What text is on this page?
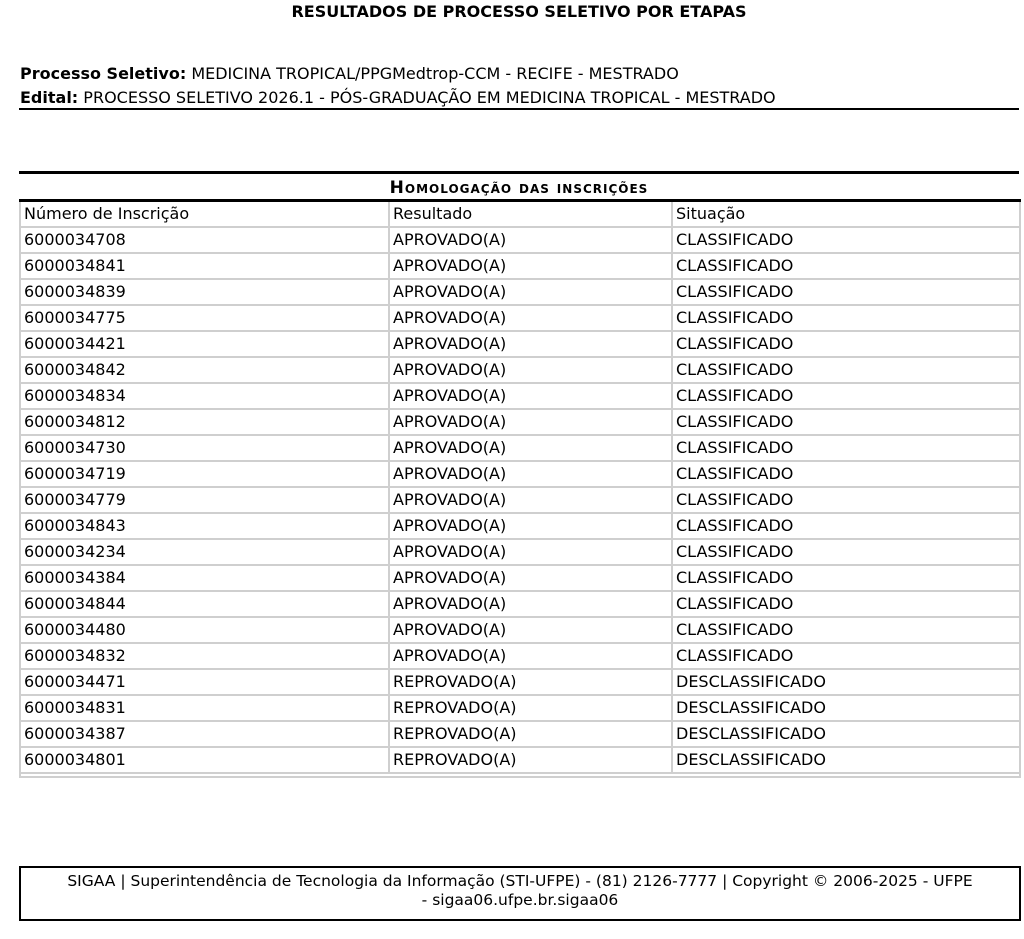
RESULTADOS DE PROCESSO SELETIVO POR ETAPAS
Processo Seletivo: MEDICINA TROPICAL/PPGMedtrop-CCM - RECIFE - MESTRADO
Edital: PROCESSO SELETIVO 2026.1 - PÓS-GRADUAÇÃO EM MEDICINA TROPICAL - MESTRADO
Homologação das inscrições
Número de Inscrição	Resultado	Situação
6000034708	APROVADO(A)	CLASSIFICADO
6000034841	APROVADO(A)	CLASSIFICADO
6000034839	APROVADO(A)	CLASSIFICADO
6000034775	APROVADO(A)	CLASSIFICADO
6000034421	APROVADO(A)	CLASSIFICADO
6000034842	APROVADO(A)	CLASSIFICADO
6000034834	APROVADO(A)	CLASSIFICADO
6000034812	APROVADO(A)	CLASSIFICADO
6000034730	APROVADO(A)	CLASSIFICADO
6000034719	APROVADO(A)	CLASSIFICADO
6000034779	APROVADO(A)	CLASSIFICADO
6000034843	APROVADO(A)	CLASSIFICADO
6000034234	APROVADO(A)	CLASSIFICADO
6000034384	APROVADO(A)	CLASSIFICADO
6000034844	APROVADO(A)	CLASSIFICADO
6000034480	APROVADO(A)	CLASSIFICADO
6000034832	APROVADO(A)	CLASSIFICADO
6000034471	REPROVADO(A)	DESCLASSIFICADO
6000034831	REPROVADO(A)	DESCLASSIFICADO
6000034387	REPROVADO(A)	DESCLASSIFICADO
6000034801	REPROVADO(A)	DESCLASSIFICADO

SIGAA | Superintendência de Tecnologia da Informação (STI-UFPE) - (81) 2126-7777 | Copyright © 2006-2025 - UFPE
- sigaa06.ufpe.br.sigaa06
